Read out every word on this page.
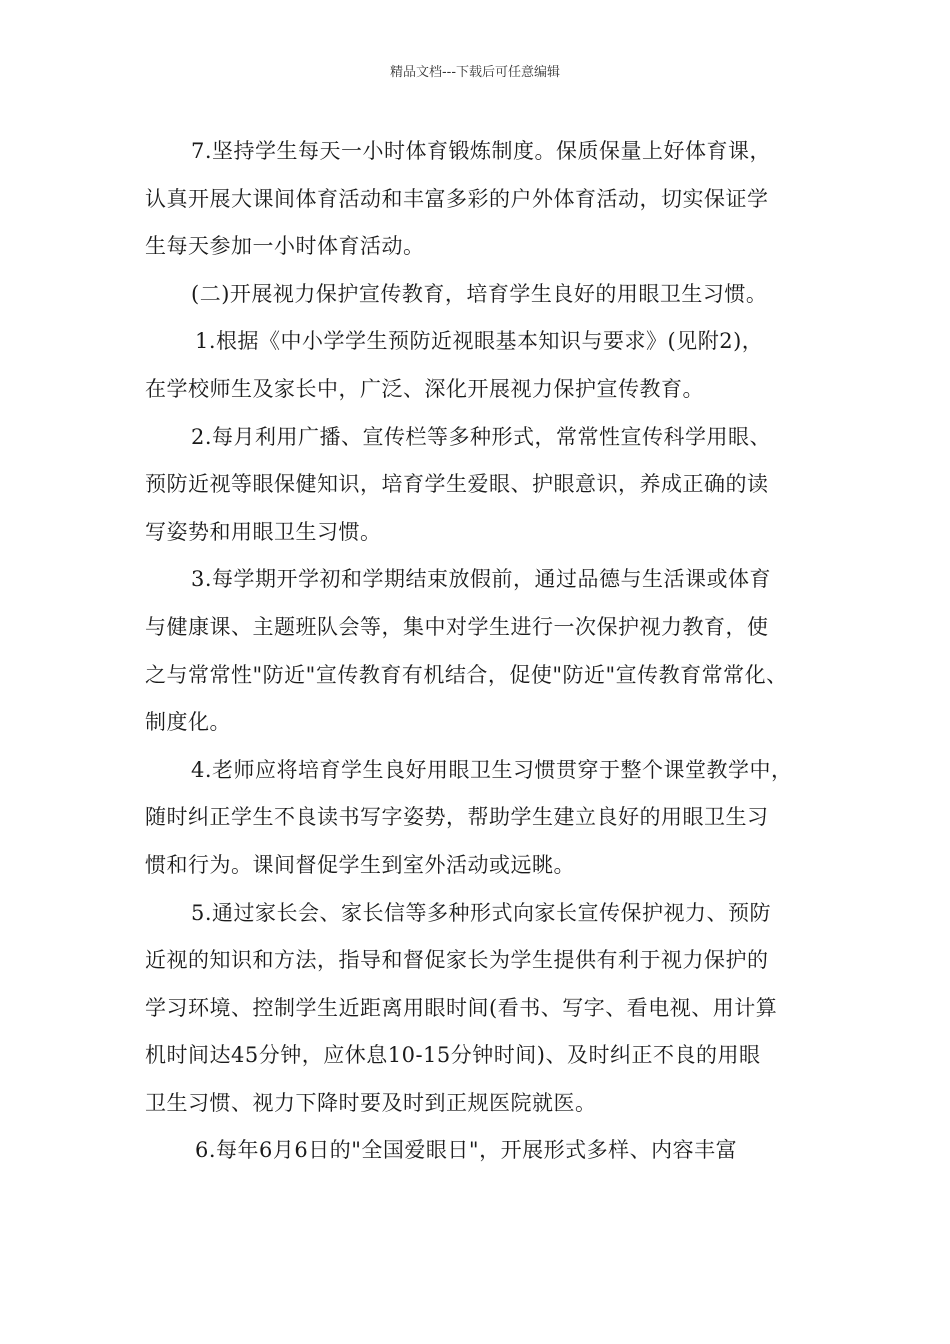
精品文档---下载后可任意编辑
7.坚持学生每天一小时体育锻炼制度。保质保量上好体育课，
认真开展大课间体育活动和丰富多彩的户外体育活动，切实保证学
生每天参加一小时体育活动。
(二)开展视力保护宣传教育，培育学生良好的用眼卫生习惯。
1.根据《中小学学生预防近视眼基本知识与要求》(见附2)，
在学校师生及家长中，广泛、深化开展视力保护宣传教育。
2.每月利用广播、宣传栏等多种形式，常常性宣传科学用眼、
预防近视等眼保健知识，培育学生爱眼、护眼意识，养成正确的读
写姿势和用眼卫生习惯。
3.每学期开学初和学期结束放假前，通过品德与生活课或体育
与健康课、主题班队会等，集中对学生进行一次保护视力教育，使
之与常常性"防近"宣传教育有机结合，促使"防近"宣传教育常常化、
制度化。
4.老师应将培育学生良好用眼卫生习惯贯穿于整个课堂教学中，
随时纠正学生不良读书写字姿势，帮助学生建立良好的用眼卫生习
惯和行为。课间督促学生到室外活动或远眺。
5.通过家长会、家长信等多种形式向家长宣传保护视力、预防
近视的知识和方法，指导和督促家长为学生提供有利于视力保护的
学习环境、控制学生近距离用眼时间(看书、写字、看电视、用计算
机时间达45分钟，应休息10-15分钟时间)、及时纠正不良的用眼
卫生习惯、视力下降时要及时到正规医院就医。
6.每年6月6日的"全国爱眼日"，开展形式多样、内容丰富
